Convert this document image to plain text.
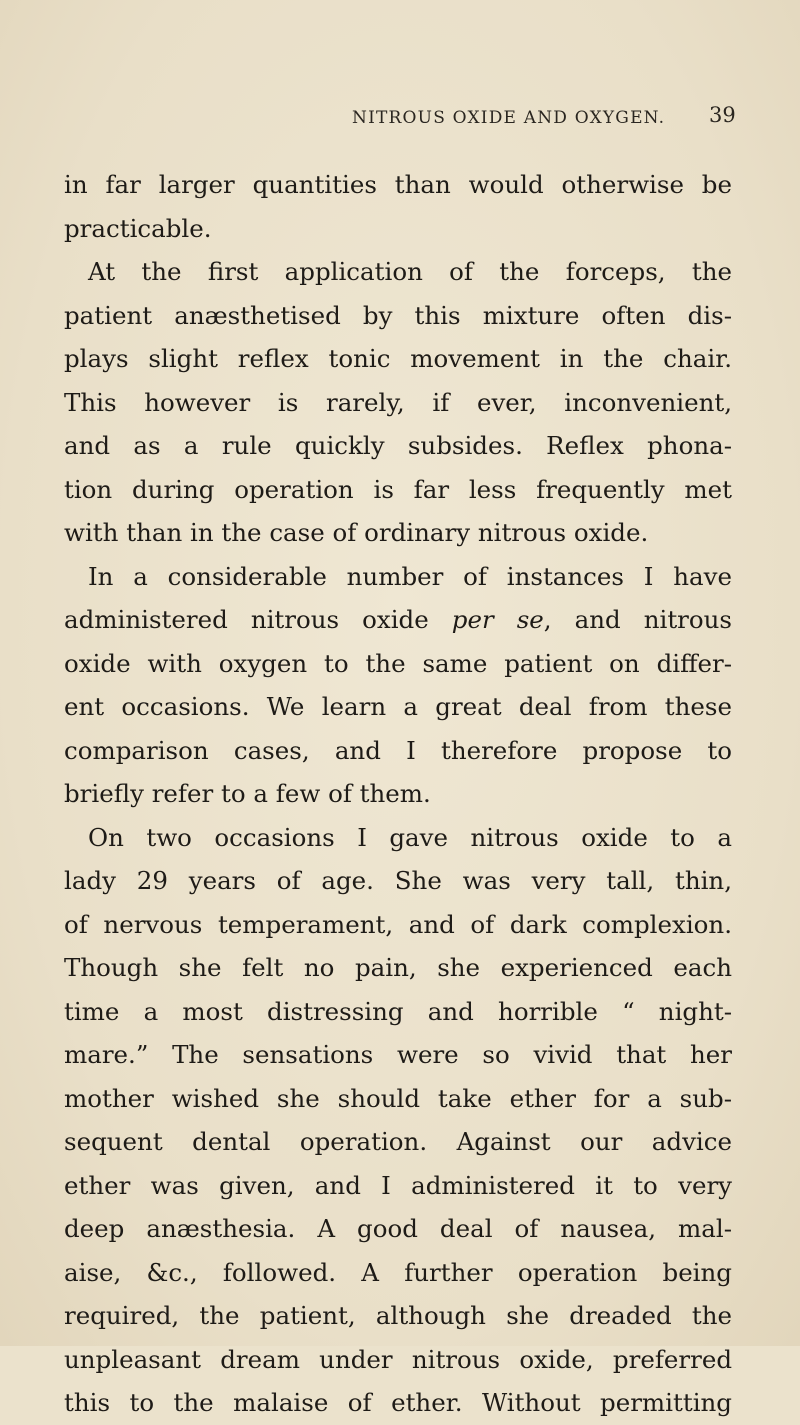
NITROUS OXIDE AND OXYGEN. 39
in far larger quantities than would otherwise be
practicable.
At the first application of the forceps, the
patient anæsthetised by this mixture often dis-
plays slight reflex tonic movement in the chair.
This however is rarely, if ever, inconvenient,
and as a rule quickly subsides. Reflex phona-
tion during operation is far less frequently met
with than in the case of ordinary nitrous oxide.
In a considerable number of instances I have
administered nitrous oxide per se, and nitrous
oxide with oxygen to the same patient on differ-
ent occasions. We learn a great deal from these
comparison cases, and I therefore propose to
briefly refer to a few of them.
On two occasions I gave nitrous oxide to a
lady 29 years of age. She was very tall, thin,
of nervous temperament, and of dark complexion.
Though she felt no pain, she experienced each
time a most distressing and horrible “ night-
mare.” The sensations were so vivid that her
mother wished she should take ether for a sub-
sequent dental operation. Against our advice
ether was given, and I administered it to very
deep anæsthesia. A good deal of nausea, mal-
aise, &c., followed. A further operation being
required, the patient, although she dreaded the
unpleasant dream under nitrous oxide, preferred
this to the malaise of ether. Without permitting
